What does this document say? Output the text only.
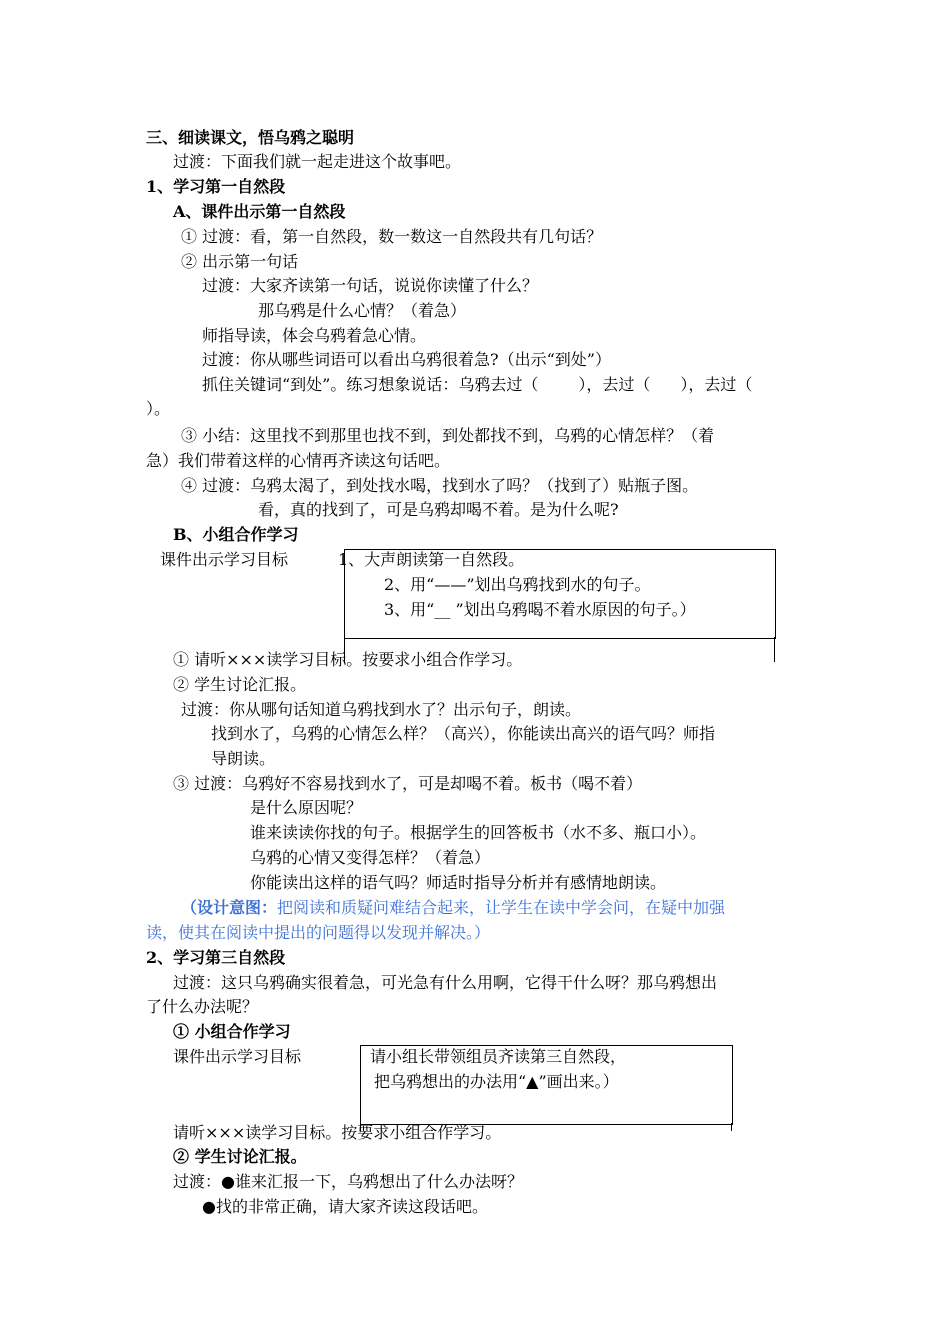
三、细读课文，悟乌鸦之聪明
过渡：下面我们就一起走进这个故事吧。
1、学习第一自然段
A、课件出示第一自然段
① 过渡：看，第一自然段，数一数这一自然段共有几句话？
② 出示第一句话
过渡：大家齐读第一句话，说说你读懂了什么？
那乌鸦是什么心情？（着急）
师指导读，体会乌鸦着急心情。
过渡：你从哪些词语可以看出乌鸦很着急?（出示“到处”）
抓住关键词“到处”。练习想象说话：乌鸦去过（	），去过（ ），去过（
）。
③ 小结：这里找不到那里也找不到，到处都找不到，乌鸦的心情怎样？（着
急）我们带着这样的心情再齐读这句话吧。
④ 过渡：乌鸦太渴了，到处找水喝，找到水了吗？（找到了）贴瓶子图。
看，真的找到了，可是乌鸦却喝不着。是为什么呢?
B、小组合作学习
课件出示学习目标	1、大声朗读第一自然段。
2、用“——”划出乌鸦找到水的句子。
3、用“__ ”划出乌鸦喝不着水原因的句子。）
① 请听×××读学习目标。按要求小组合作学习。
② 学生讨论汇报。
过渡：你从哪句话知道乌鸦找到水了？出示句子，朗读。
找到水了，乌鸦的心情怎么样？（高兴），你能读出高兴的语气吗？师指
导朗读。
③ 过渡：乌鸦好不容易找到水了，可是却喝不着。板书（喝不着）
是什么原因呢？
谁来读读你找的句子。根据学生的回答板书（水不多、瓶口小）。
乌鸦的心情又变得怎样？（着急）
你能读出这样的语气吗？师适时指导分析并有感情地朗读。
（设计意图：把阅读和质疑问难结合起来，让学生在读中学会问，在疑中加强
读，使其在阅读中提出的问题得以发现并解决。）
2、学习第三自然段
过渡：这只乌鸦确实很着急，可光急有什么用啊，它得干什么呀？那乌鸦想出
了什么办法呢？
① 小组合作学习
课件出示学习目标	请小组长带领组员齐读第三自然段，
把乌鸦想出的办法用“▲”画出来。）
请听×××读学习目标。按要求小组合作学习。
② 学生讨论汇报。
过渡：●谁来汇报一下，乌鸦想出了什么办法呀？
●找的非常正确，请大家齐读这段话吧。
